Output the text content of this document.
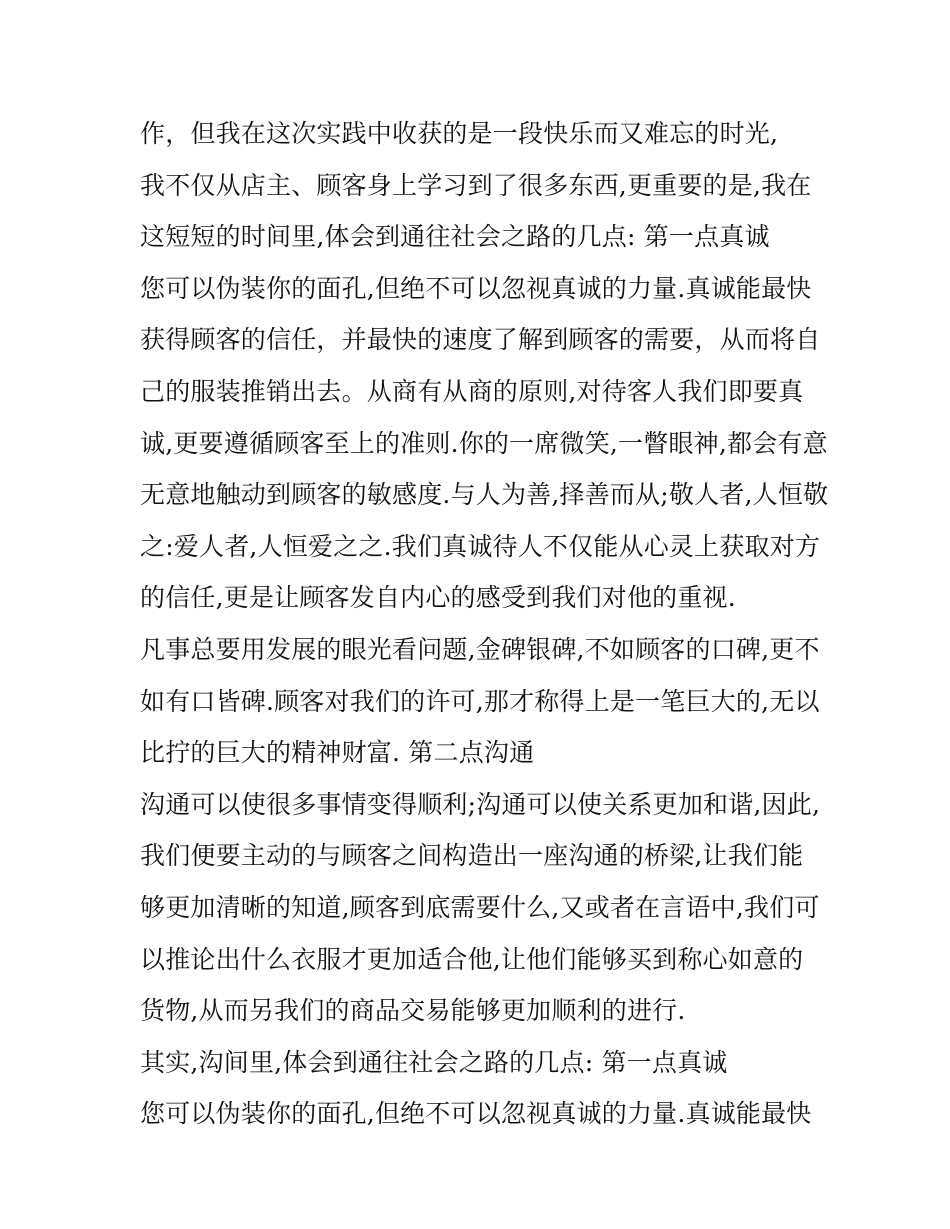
作，但我在这次实践中收获的是一段快乐而又难忘的时光,
我不仅从店主、顾客身上学习到了很多东西,更重要的是,我在
这短短的时间里,体会到通往社会之路的几点: 第一点真诚
您可以伪装你的面孔,但绝不可以忽视真诚的力量.真诚能最快
获得顾客的信任，并最快的速度了解到顾客的需要，从而将自
己的服装推销出去。从商有从商的原则,对待客人我们即要真
诚,更要遵循顾客至上的准则.你的一席微笑,一瞥眼神,都会有意
无意地触动到顾客的敏感度.与人为善,择善而从;敬人者,人恒敬
之:爱人者,人恒爱之之.我们真诚待人不仅能从心灵上获取对方
的信任,更是让顾客发自内心的感受到我们对他的重视.
凡事总要用发展的眼光看问题,金碑银碑,不如顾客的口碑,更不
如有口皆碑.顾客对我们的许可,那才称得上是一笔巨大的,无以
比拧的巨大的精神财富. 第二点沟通
沟通可以使很多事情变得顺利;沟通可以使关系更加和谐,因此,
我们便要主动的与顾客之间构造出一座沟通的桥梁,让我们能
够更加清晰的知道,顾客到底需要什么,又或者在言语中,我们可
以推论出什么衣服才更加适合他,让他们能够买到称心如意的
货物,从而另我们的商品交易能够更加顺利的进行.
其实,沟间里,体会到通往社会之路的几点: 第一点真诚
您可以伪装你的面孔,但绝不可以忽视真诚的力量.真诚能最快
